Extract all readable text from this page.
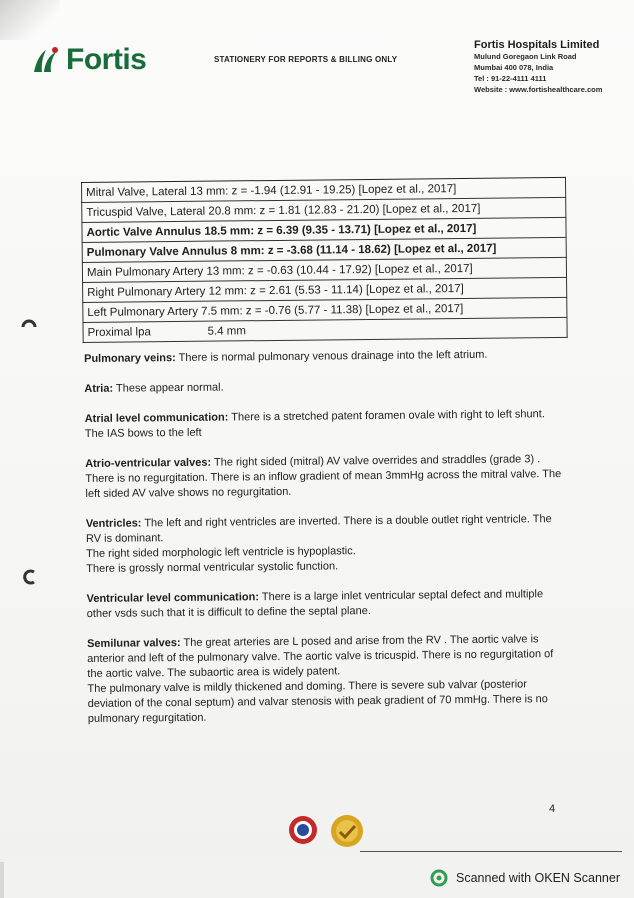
Fortis	STATIONERY FOR REPORTS & BILLING ONLY
Fortis Hospitals Limited
Mulund Goregaon Link Road
Mumbai 400 078, India
Tel : 91-22-4111 4111
Website : www.fortishealthcare.com
Mitral Valve, Lateral 13 mm: z = -1.94 (12.91 - 19.25) [Lopez et al., 2017]
Tricuspid Valve, Lateral 20.8 mm: z = 1.81 (12.83 - 21.20) [Lopez et al., 2017]
Aortic Valve Annulus 18.5 mm: z = 6.39 (9.35 - 13.71) [Lopez et al., 2017]
Pulmonary Valve Annulus 8 mm: z = -3.68 (11.14 - 18.62) [Lopez et al., 2017]
Main Pulmonary Artery 13 mm: z = -0.63 (10.44 - 17.92) [Lopez et al., 2017]
Right Pulmonary Artery 12 mm: z = 2.61 (5.53 - 11.14) [Lopez et al., 2017]
Left Pulmonary Artery 7.5 mm: z = -0.76 (5.77 - 11.38) [Lopez et al., 2017]
Proximal lpa	5.4 mm

Pulmonary veins: There is normal pulmonary venous drainage into the left atrium.

Atria: These appear normal.

Atrial level communication: There is a stretched patent foramen ovale with right to left shunt. The IAS bows to the left

Atrio-ventricular valves: The right sided (mitral) AV valve overrides and straddles (grade 3) . There is no regurgitation. There is an inflow gradient of mean 3mmHg across the mitral valve. The left sided AV valve shows no regurgitation.

Ventricles: The left and right ventricles are inverted. There is a double outlet right ventricle. The RV is dominant.

The right sided morphologic left ventricle is hypoplastic.

There is grossly normal ventricular systolic function.

Ventricular level communication: There is a large inlet ventricular septal defect and multiple other vsds such that it is difficult to define the septal plane.

Semilunar valves: The great arteries are L posed and arise from the RV . The aortic valve is anterior and left of the pulmonary valve. The aortic valve is tricuspid. There is no regurgitation of the aortic valve. The subaortic area is widely patent.

The pulmonary valve is mildly thickened and doming. There is severe sub valvar (posterior deviation of the conal septum) and valvar stenosis with peak gradient of 70 mmHg. There is no pulmonary regurgitation.

4
Scanned with OKEN Scanner
